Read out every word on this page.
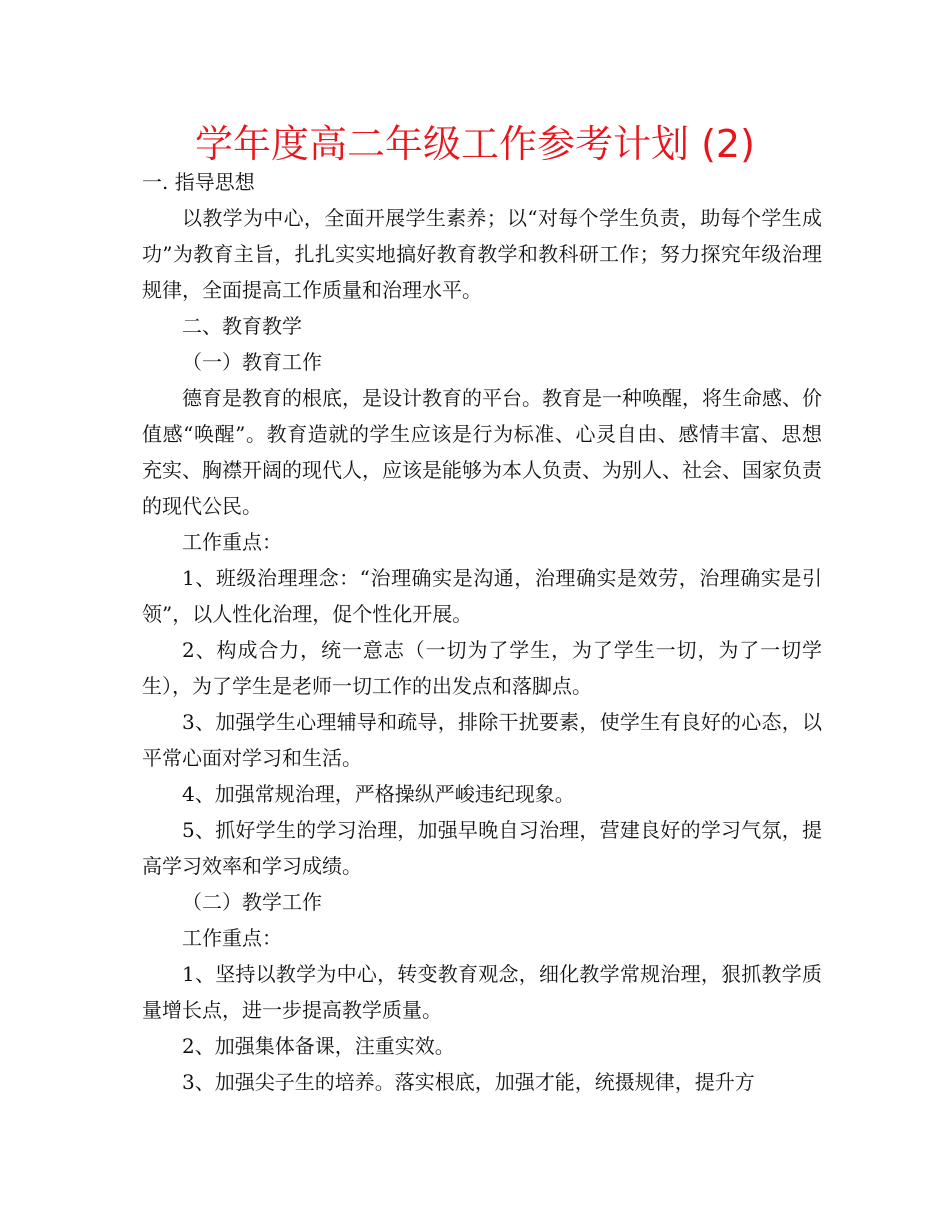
学年度高二年级工作参考计划 (2)
一. 指导思想

以教学为中心，全面开展学生素养；以“对每个学生负责，助每个学生成功”为教育主旨，扎扎实实地搞好教育教学和教科研工作；努力探究年级治理规律，全面提高工作质量和治理水平。

二、教育教学

（一）教育工作

德育是教育的根底，是设计教育的平台。教育是一种唤醒，将生命感、价值感“唤醒”。教育造就的学生应该是行为标准、心灵自由、感情丰富、思想充实、胸襟开阔的现代人，应该是能够为本人负责、为别人、社会、国家负责的现代公民。

工作重点：

1、班级治理理念：“治理确实是沟通，治理确实是效劳，治理确实是引领”，以人性化治理，促个性化开展。

2、构成合力，统一意志（一切为了学生，为了学生一切，为了一切学生），为了学生是老师一切工作的出发点和落脚点。

3、加强学生心理辅导和疏导，排除干扰要素，使学生有良好的心态，以平常心面对学习和生活。

4、加强常规治理，严格操纵严峻违纪现象。

5、抓好学生的学习治理，加强早晚自习治理，营建良好的学习气氛，提高学习效率和学习成绩。

（二）教学工作

工作重点：

1、坚持以教学为中心，转变教育观念，细化教学常规治理，狠抓教学质量增长点，进一步提高教学质量。

2、加强集体备课，注重实效。

3、加强尖子生的培养。落实根底，加强才能，统摄规律，提升方
